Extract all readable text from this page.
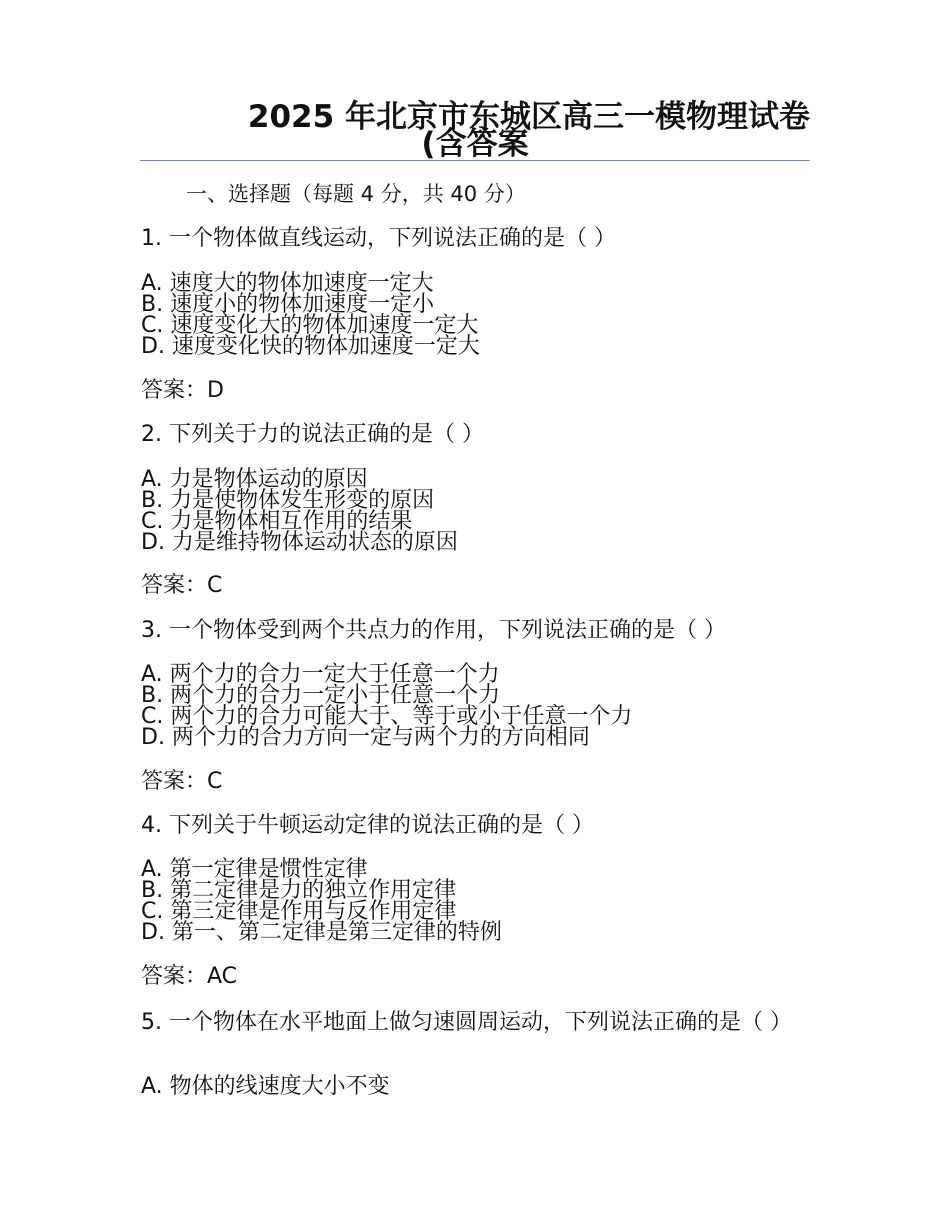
2025 年北京市东城区高三一模物理试卷
(含答案
一、选择题（每题 4 分，共 40 分）
1. 一个物体做直线运动，下列说法正确的是（ ）
A. 速度大的物体加速度一定大
B. 速度小的物体加速度一定小
C. 速度变化大的物体加速度一定大
D. 速度变化快的物体加速度一定大
答案：D
2. 下列关于力的说法正确的是（ ）
A. 力是物体运动的原因
B. 力是使物体发生形变的原因
C. 力是物体相互作用的结果
D. 力是维持物体运动状态的原因
答案：C
3. 一个物体受到两个共点力的作用，下列说法正确的是（ ）
A. 两个力的合力一定大于任意一个力
B. 两个力的合力一定小于任意一个力
C. 两个力的合力可能大于、等于或小于任意一个力
D. 两个力的合力方向一定与两个力的方向相同
答案：C
4. 下列关于牛顿运动定律的说法正确的是（ ）
A. 第一定律是惯性定律
B. 第二定律是力的独立作用定律
C. 第三定律是作用与反作用定律
D. 第一、第二定律是第三定律的特例
答案：AC
5. 一个物体在水平地面上做匀速圆周运动，下列说法正确的是（ ）
A. 物体的线速度大小不变
